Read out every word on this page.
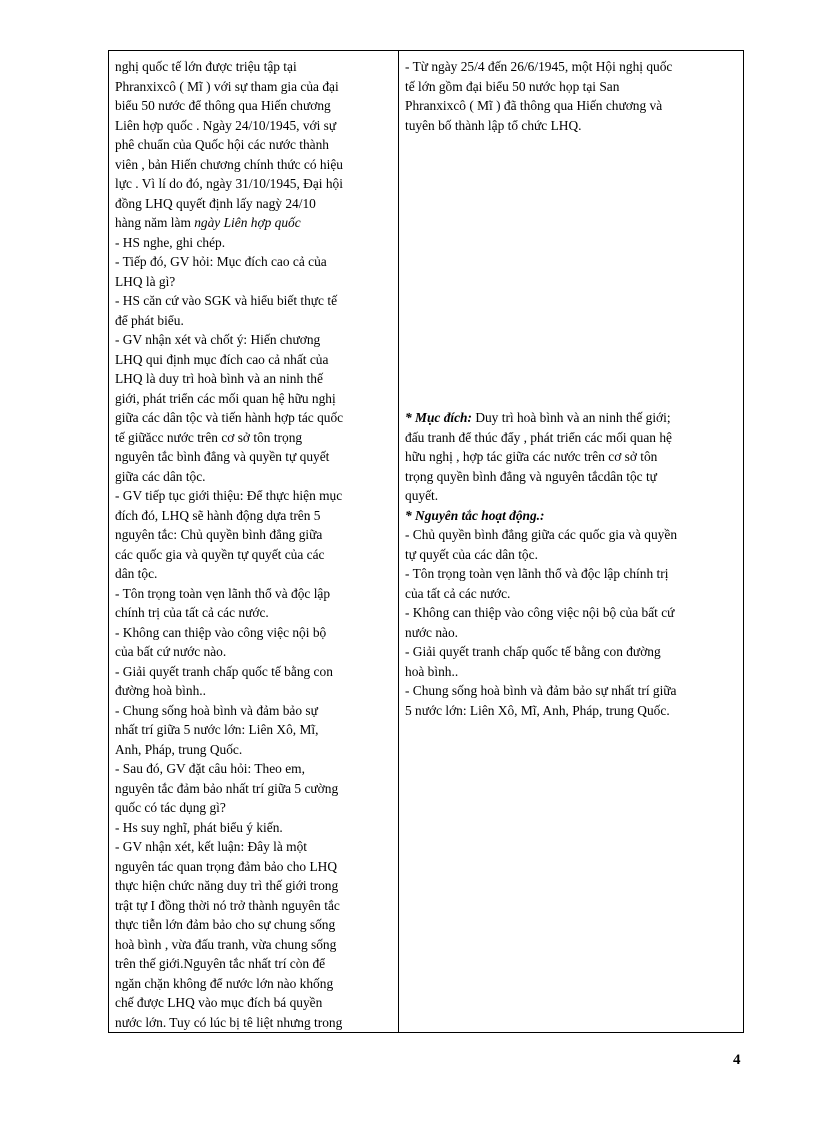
nghị quốc tế lớn được triệu tập tại
Phranxixcô ( Mĩ ) với sự tham gia của đại
biểu 50 nước để thông qua Hiến chương
Liên hợp quốc . Ngày 24/10/1945, với sự
phê chuẩn của Quốc hội các nước thành
viên , bản Hiến chương chính thức có hiệu
lực . Vì lí do đó, ngày 31/10/1945, Đại hội
đồng LHQ quyết định lấy nagỳ 24/10
hàng năm làm ngày Liên hợp quốc
- HS nghe, ghi chép.
- Tiếp đó, GV hỏi: Mục đích cao cả của
LHQ là gì?
- HS căn cứ vào SGK và hiểu biết thực tế
để phát biểu.
- GV nhận xét và chốt ý: Hiến chương
LHQ qui định mục đích cao cả nhất của
LHQ là duy trì hoà bình và an ninh thế
giới, phát triển các mối quan hệ hữu nghị
giữa các dân tộc và tiến hành hợp tác quốc
tế giữăcc nước trên cơ sở tôn trọng
nguyên tắc bình đẳng và quyền tự quyết
giữa các dân tộc.
- GV tiếp tục giới thiệu: Để thực hiện mục
đích đó, LHQ sẽ hành động dựa trên 5
nguyên tắc: Chủ quyền bình đẳng giữa
các quốc gia và quyền tự quyết của các
dân tộc.
- Tôn trọng toàn vẹn lãnh thổ và độc lập
chính trị của tất cả các nước.
- Không can thiệp vào công việc nội bộ
của bất cứ nước nào.
- Giải quyết tranh chấp quốc tế bằng con
đường hoà bình..
- Chung sống hoà bình và đảm bảo sự
nhất trí giữa 5 nước lớn: Liên Xô, Mĩ,
Anh, Pháp, trung Quốc.
- Sau đó, GV đặt câu hỏi: Theo em,
nguyên tắc đảm bảo nhất trí giữa 5 cường
quốc có tác dụng gì?
- Hs suy nghĩ, phát biểu ý kiến.
- GV nhận xét, kết luận: Đây là một
nguyên tác quan trọng đảm bảo cho LHQ
thực hiện chức năng duy trì thế giới trong
trật tự I đồng thời nó trở thành nguyên tắc
thực tiễn lớn đảm bảo cho sự chung sống
hoà bình , vừa đấu tranh, vừa chung sống
trên thế giới.Nguyên tắc nhất trí còn để
ngăn chặn không để nước lớn nào khống
chế được LHQ vào mục đích bá quyền
nước lớn. Tuy có lúc bị tê liệt nhưng trong
- Từ ngày 25/4 đến 26/6/1945, một Hội nghị quốc
tế lớn gồm đại biểu 50 nước họp tại San
Phranxixcô ( Mĩ ) đã thông qua Hiến chương và
tuyên bố thành lập tổ chức LHQ.
* Mục đích: Duy trì hoà bình và an ninh thế giới;
đấu tranh để thúc đẩy , phát triển các mối quan hệ
hữu nghị , hợp tác giữa các nước trên cơ sở tôn
trọng quyền bình đẳng và nguyên tắcdân tộc tự
quyết.
* Nguyên tắc hoạt động.:
- Chủ quyền bình đẳng giữa các quốc gia và quyền
tự quyết của các dân tộc.
- Tôn trọng toàn vẹn lãnh thổ và độc lập chính trị
của tất cả các nước.
- Không can thiệp vào công việc nội bộ của bất cứ
nước nào.
- Giải quyết tranh chấp quốc tế bằng con đường
hoà bình..
- Chung sống hoà bình và đảm bảo sự nhất trí giữa
5 nước lớn: Liên Xô, Mĩ, Anh, Pháp, trung Quốc.
4
